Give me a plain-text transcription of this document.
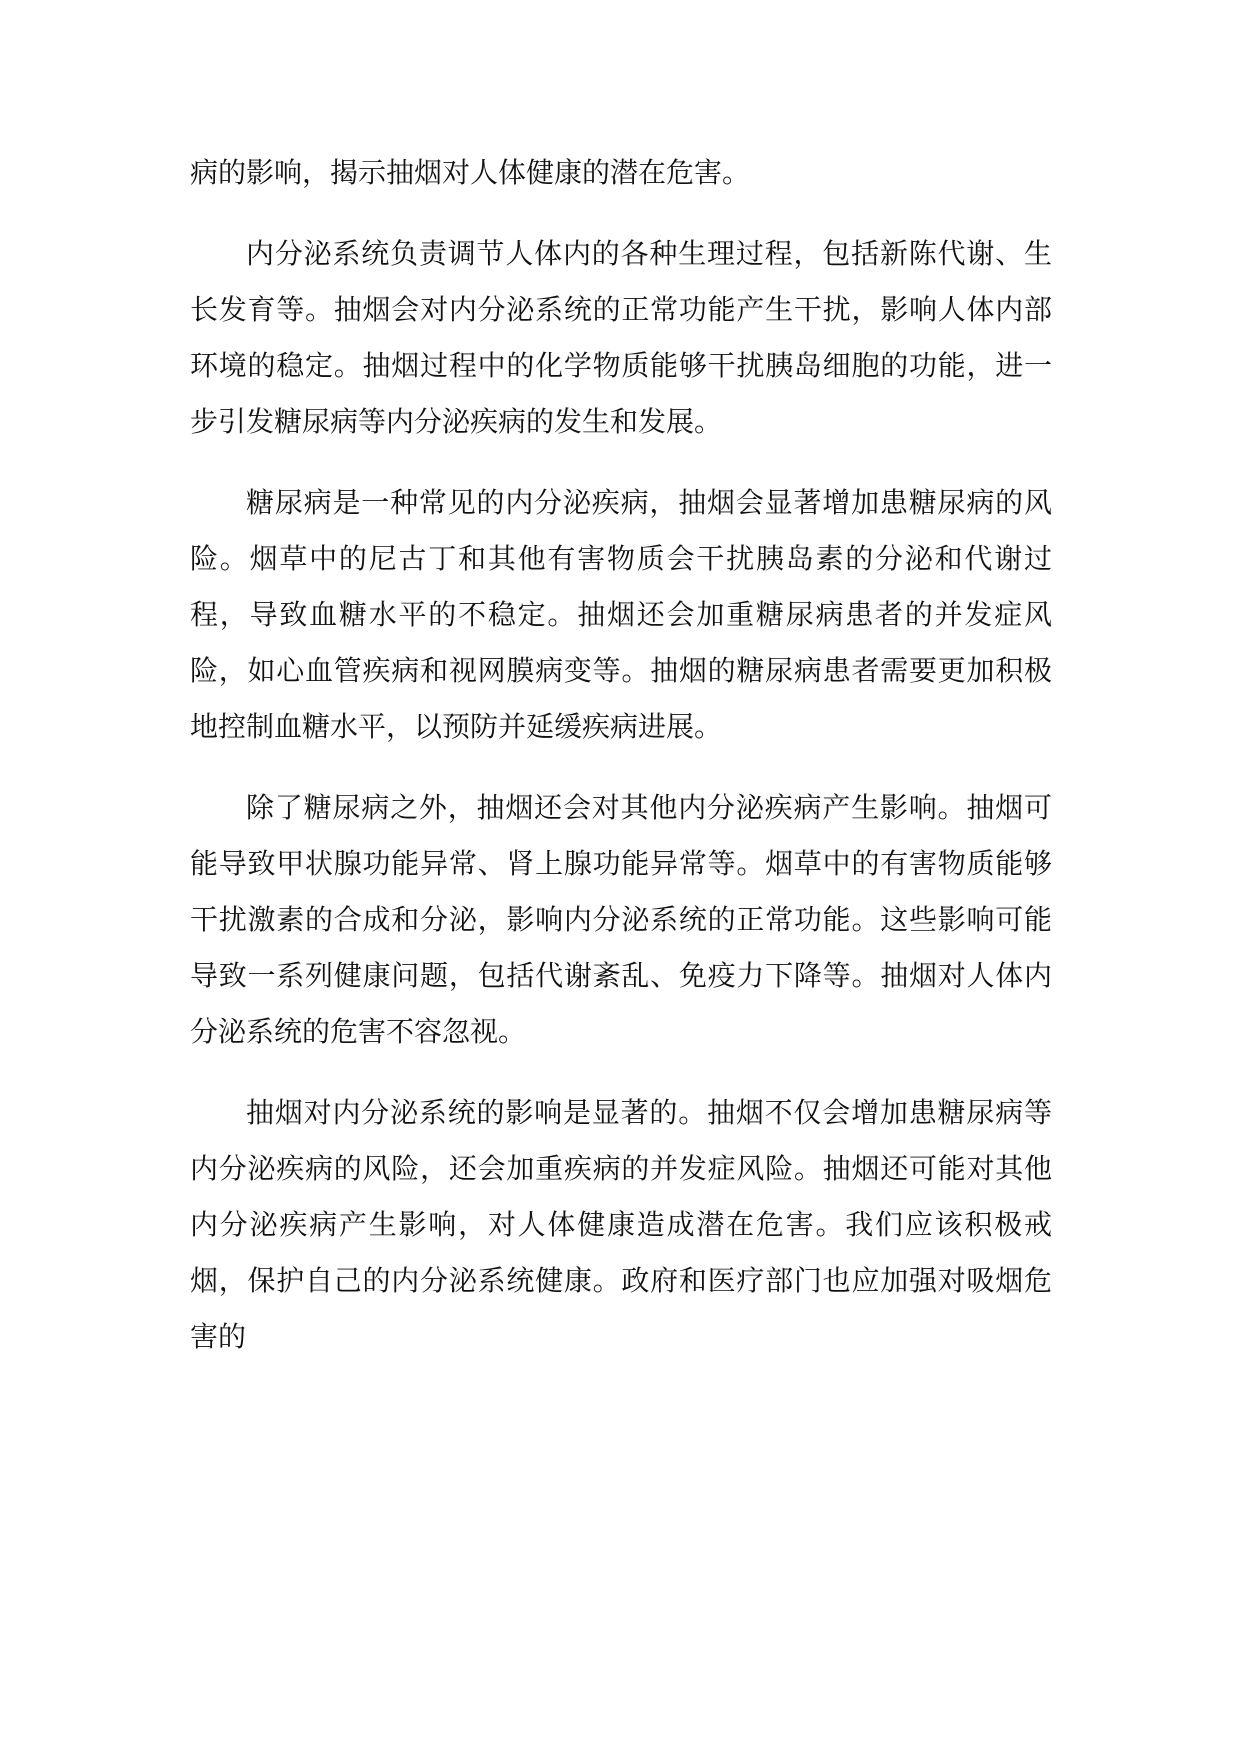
病的影响，揭示抽烟对人体健康的潜在危害。

内分泌系统负责调节人体内的各种生理过程，包括新陈代谢、生长发育等。抽烟会对内分泌系统的正常功能产生干扰，影响人体内部环境的稳定。抽烟过程中的化学物质能够干扰胰岛细胞的功能，进一步引发糖尿病等内分泌疾病的发生和发展。

糖尿病是一种常见的内分泌疾病，抽烟会显著增加患糖尿病的风险。烟草中的尼古丁和其他有害物质会干扰胰岛素的分泌和代谢过程，导致血糖水平的不稳定。抽烟还会加重糖尿病患者的并发症风险，如心血管疾病和视网膜病变等。抽烟的糖尿病患者需要更加积极地控制血糖水平，以预防并延缓疾病进展。

除了糖尿病之外，抽烟还会对其他内分泌疾病产生影响。抽烟可能导致甲状腺功能异常、肾上腺功能异常等。烟草中的有害物质能够干扰激素的合成和分泌，影响内分泌系统的正常功能。这些影响可能导致一系列健康问题，包括代谢紊乱、免疫力下降等。抽烟对人体内分泌系统的危害不容忽视。

抽烟对内分泌系统的影响是显著的。抽烟不仅会增加患糖尿病等内分泌疾病的风险，还会加重疾病的并发症风险。抽烟还可能对其他内分泌疾病产生影响，对人体健康造成潜在危害。我们应该积极戒烟，保护自己的内分泌系统健康。政府和医疗部门也应加强对吸烟危害的
